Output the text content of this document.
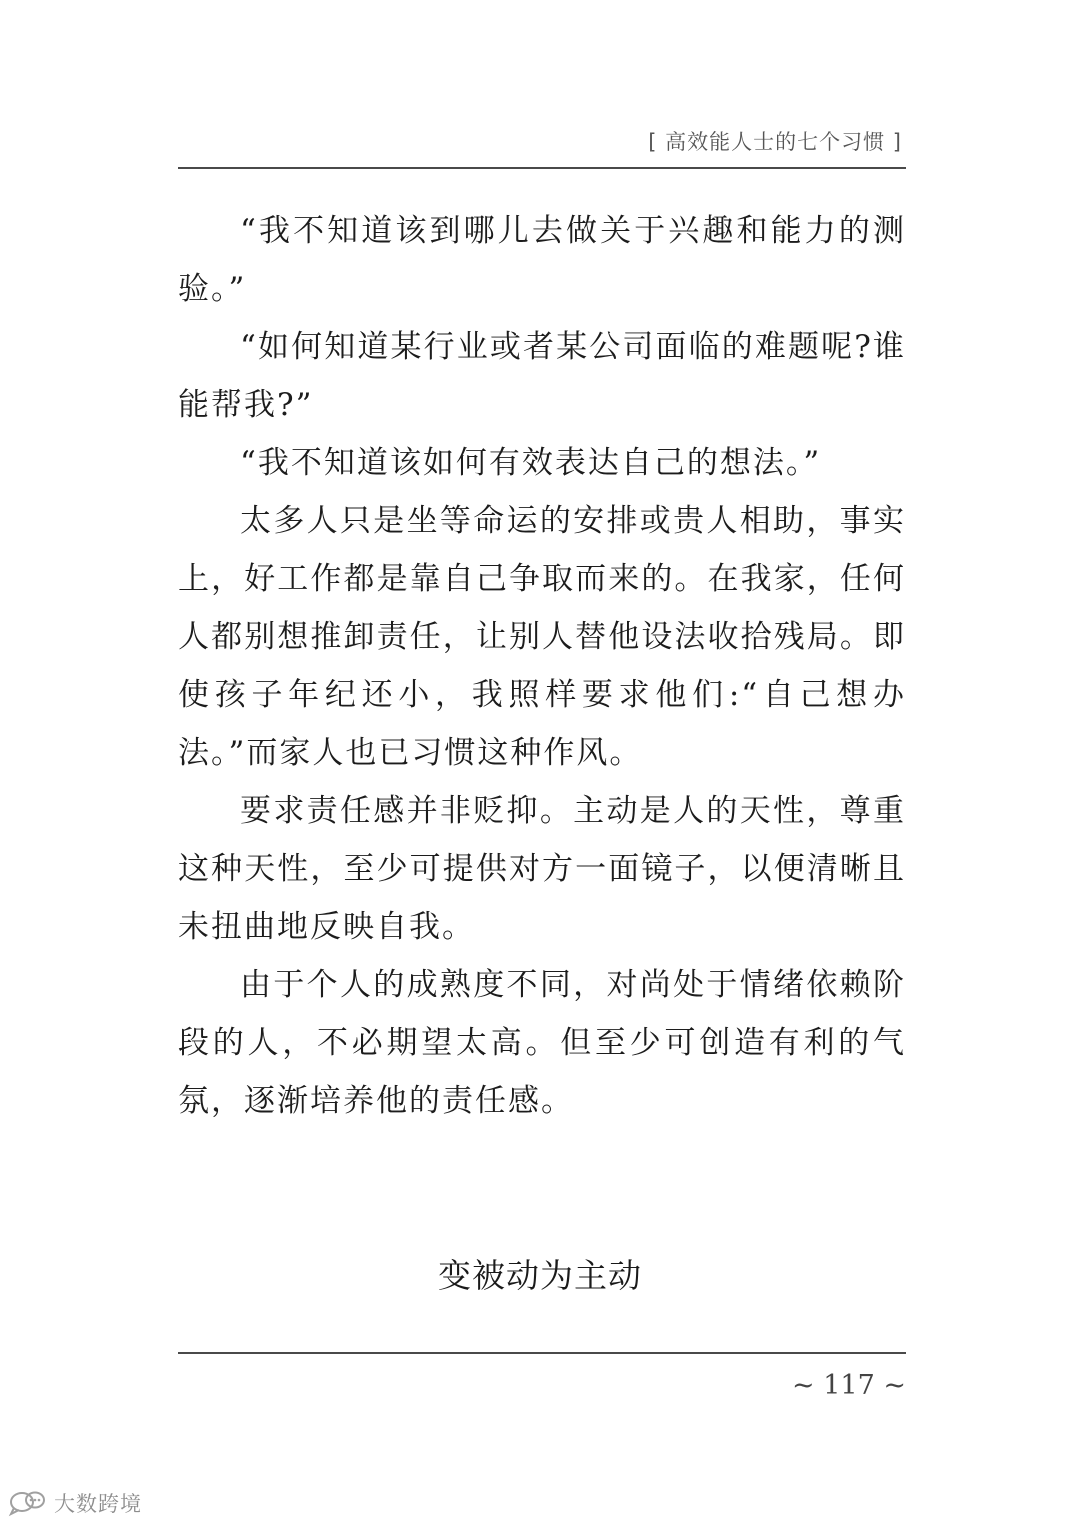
[ 高效能人士的七个习惯 ]

“我不知道该到哪儿去做关于兴趣和能力的测验。”

“如何知道某行业或者某公司面临的难题呢?谁能帮我?”

“我不知道该如何有效表达自己的想法。”

太多人只是坐等命运的安排或贵人相助，事实上，好工作都是靠自己争取而来的。在我家，任何人都别想推卸责任，让别人替他设法收拾残局。即使孩子年纪还小，我照样要求他们:“自己想办法。”而家人也已习惯这种作风。

要求责任感并非贬抑。主动是人的天性，尊重这种天性，至少可提供对方一面镜子，以便清晰且未扭曲地反映自我。

由于个人的成熟度不同，对尚处于情绪依赖阶段的人，不必期望太高。但至少可创造有利的气氛，逐渐培养他的责任感。

变被动为主动
~ 117 ~
大数跨境
